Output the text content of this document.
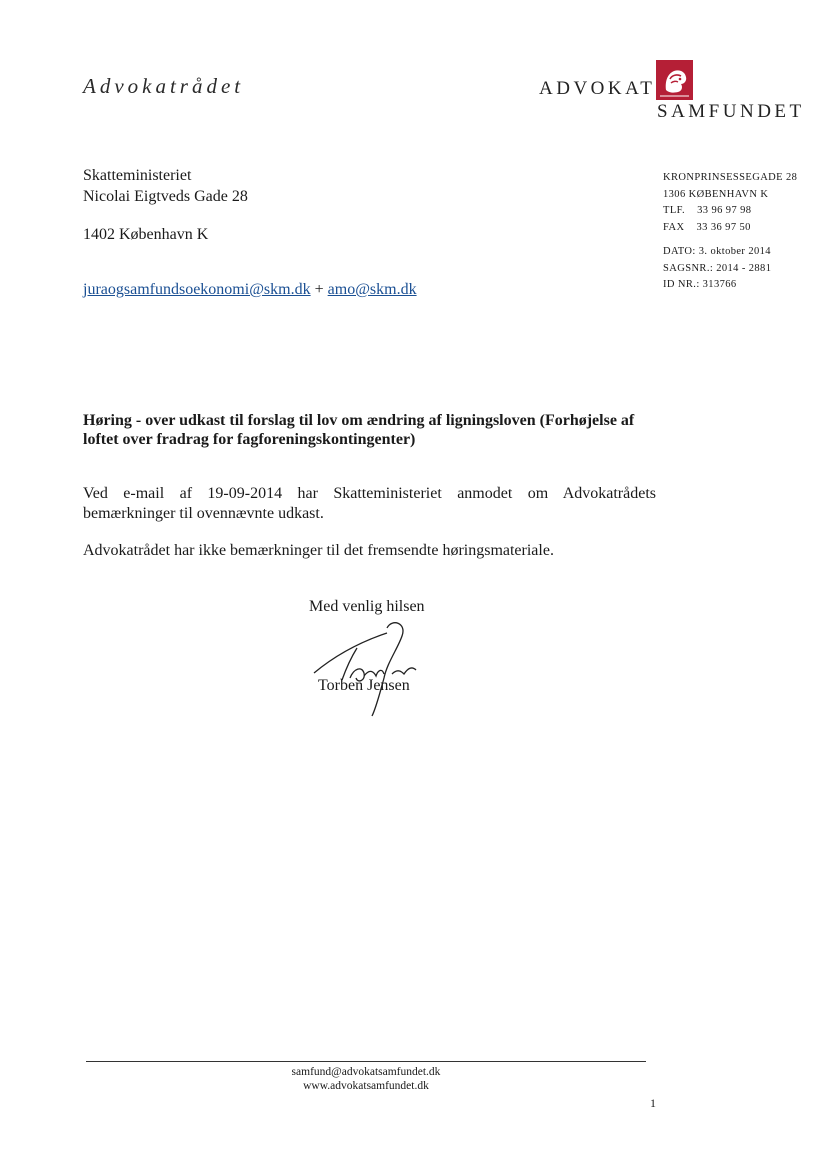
Advokatrådet	ADVOKAT
SAMFUNDET
Skatteministeriet
Nicolai Eigtveds Gade 28
1402 København K
KRONPRINSESSEGADE 28
1306 KØBENHAVN K
TLF.    33 96 97 98
FAX    33 36 97 50
DATO: 3. oktober 2014
SAGSNR.: 2014 - 2881
ID NR.: 313766
juraogsamfundsoekonomi@skm.dk + amo@skm.dk
Høring - over udkast til forslag til lov om ændring af ligningsloven (Forhøjelse af loftet over fradrag for fagforeningskontingenter)
Ved e-mail af 19-09-2014 har Skatteministeriet anmodet om Advokatrådets bemærkninger til ovennævnte udkast.
Advokatrådet har ikke bemærkninger til det fremsendte høringsmateriale.
Med venlig hilsen
Torben Jensen
samfund@advokatsamfundet.dk
www.advokatsamfundet.dk
1
